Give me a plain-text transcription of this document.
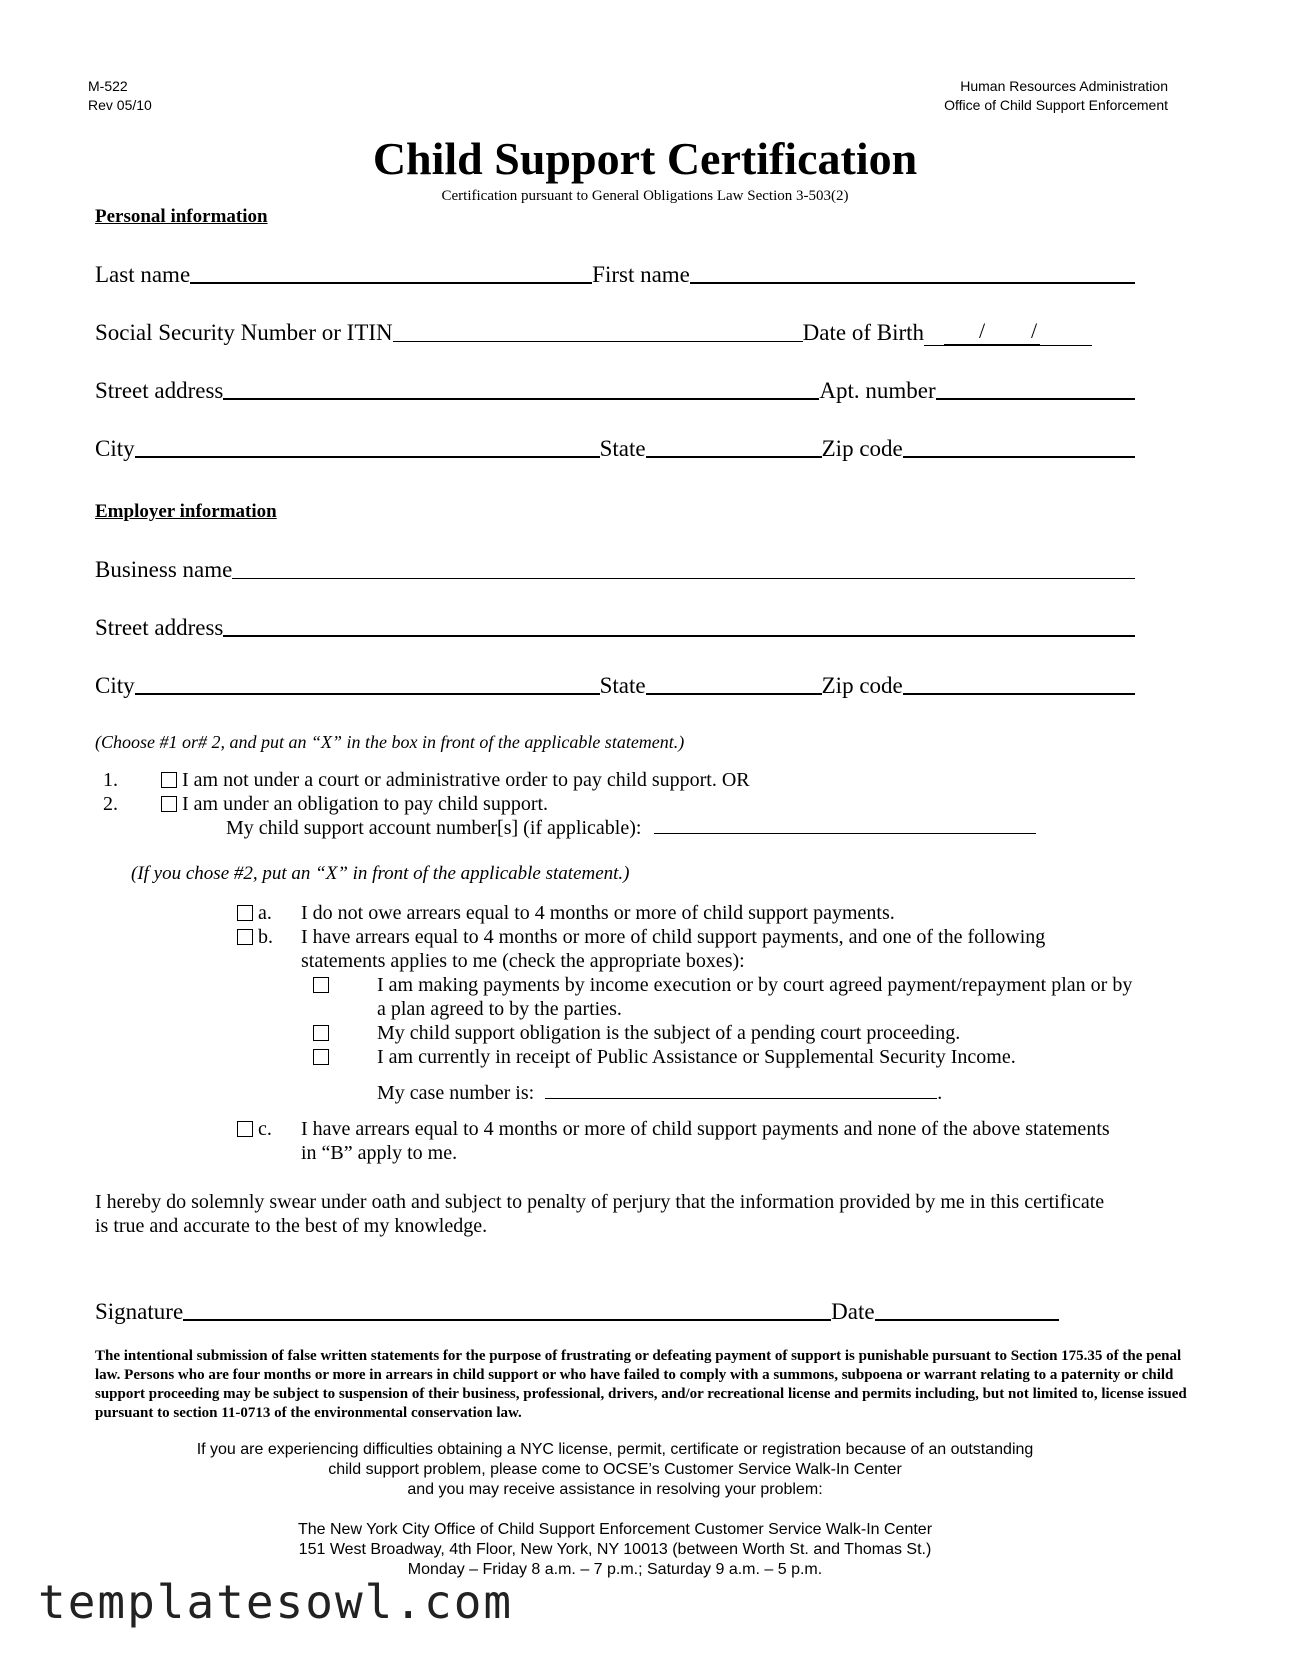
M-522
Rev 05/10
Human Resources Administration
Office of Child Support Enforcement
Child Support Certification
Certification pursuant to General Obligations Law Section 3-503(2)
Personal information
Last name	First name
Social Security Number or ITIN	Date of Birth	/ /
Street address	Apt. number
City	State	Zip code
Employer information
Business name
Street address
City	State	Zip code
(Choose #1 or# 2, and put an “X” in the box in front of the applicable statement.)
1.	I am not under a court or administrative order to pay child support. OR
2.	I am under an obligation to pay child support.
My child support account number[s] (if applicable):
(If you chose #2, put an “X” in front of the applicable statement.)
a. I do not owe arrears equal to 4 months or more of child support payments.
b. I have arrears equal to 4 months or more of child support payments, and one of the following
statements applies to me (check the appropriate boxes):
I am making payments by income execution or by court agreed payment/repayment plan or by
a plan agreed to by the parties.
My child support obligation is the subject of a pending court proceeding.
I am currently in receipt of Public Assistance or Supplemental Security Income.
My case number is:	.
c. I have arrears equal to 4 months or more of child support payments and none of the above statements
in “B” apply to me.
I hereby do solemnly swear under oath and subject to penalty of perjury that the information provided by me in this certificate
is true and accurate to the best of my knowledge.
Signature	Date
The intentional submission of false written statements for the purpose of frustrating or defeating payment of support is punishable pursuant to Section 175.35 of the penal law. Persons who are four months or more in arrears in child support or who have failed to comply with a summons, subpoena or warrant relating to a paternity or child support proceeding may be subject to suspension of their business, professional, drivers, and/or recreational license and permits including, but not limited to, license issued pursuant to section 11-0713 of the environmental conservation law.
If you are experiencing difficulties obtaining a NYC license, permit, certificate or registration because of an outstanding
child support problem, please come to OCSE’s Customer Service Walk-In Center
and you may receive assistance in resolving your problem:
The New York City Office of Child Support Enforcement Customer Service Walk-In Center
151 West Broadway, 4th Floor, New York, NY 10013 (between Worth St. and Thomas St.)
Monday – Friday 8 a.m. – 7 p.m.; Saturday 9 a.m. – 5 p.m.
templatesowl.com
